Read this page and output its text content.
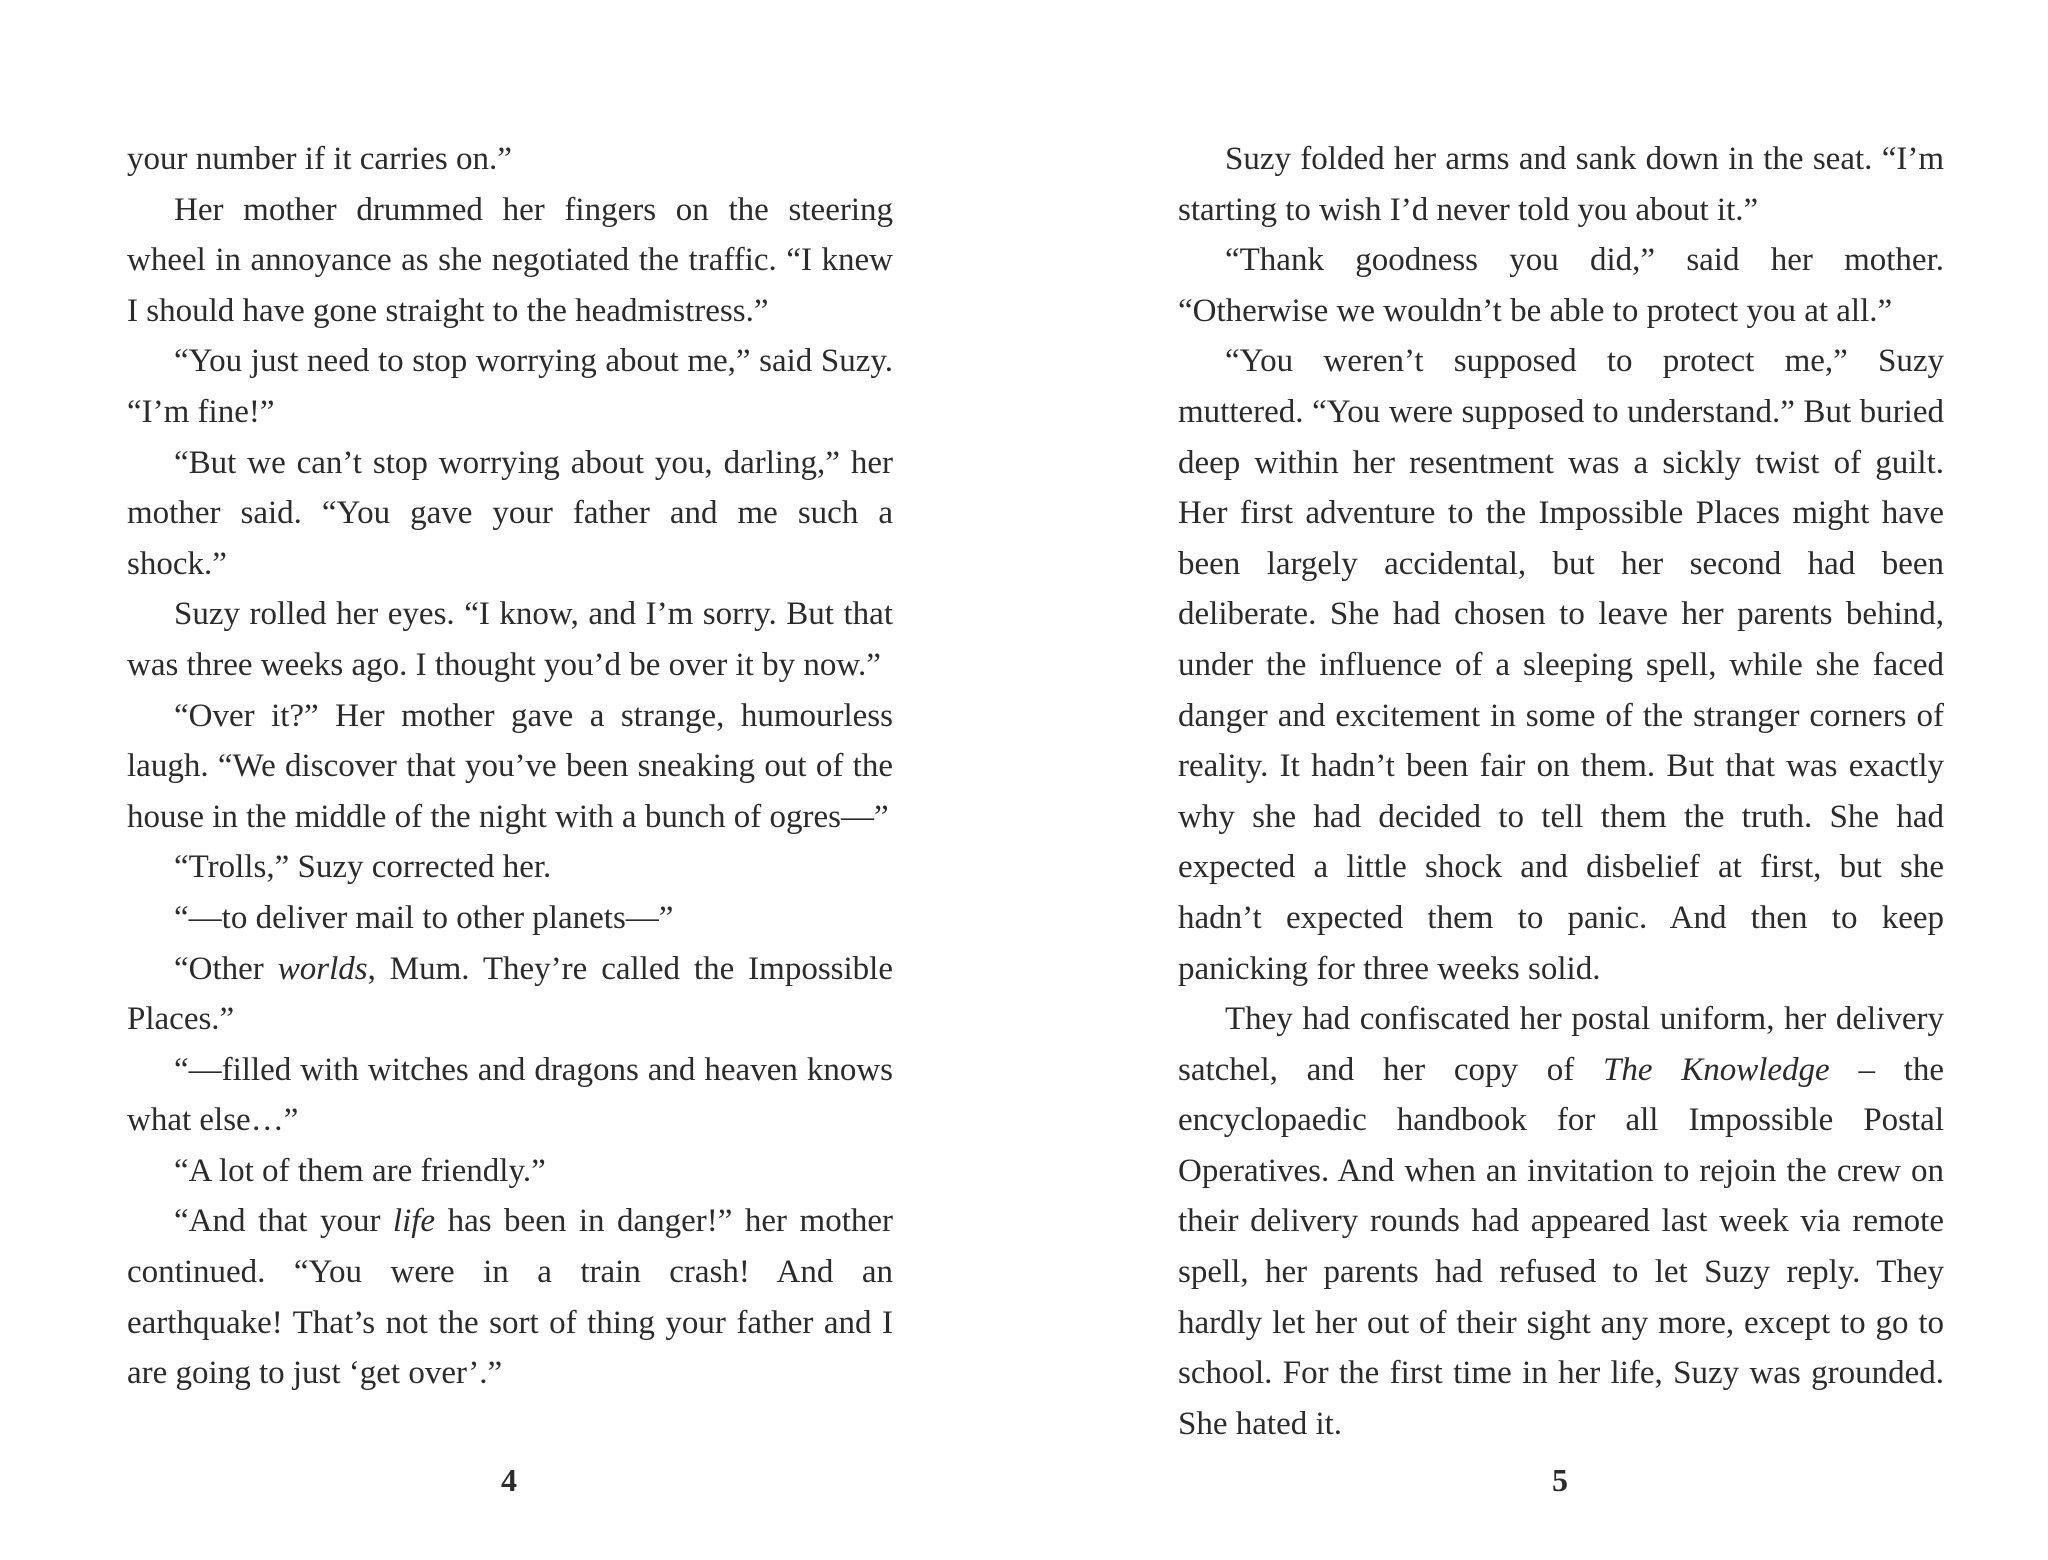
your number if it carries on.”

Her mother drummed her fingers on the steering wheel in annoyance as she negotiated the traffic. “I knew I should have gone straight to the headmistress.”

“You just need to stop worrying about me,” said Suzy. “I’m fine!”

“But we can’t stop worrying about you, darling,” her mother said. “You gave your father and me such a shock.”

Suzy rolled her eyes. “I know, and I’m sorry. But that was three weeks ago. I thought you’d be over it by now.”

“Over it?” Her mother gave a strange, humourless laugh. “We discover that you’ve been sneaking out of the house in the middle of the night with a bunch of ogres—”

“Trolls,” Suzy corrected her.

“—to deliver mail to other planets—”

“Other worlds, Mum. They’re called the Impossible Places.”

“—filled with witches and dragons and heaven knows what else…”

“A lot of them are friendly.”

“And that your life has been in danger!” her mother continued. “You were in a train crash! And an earthquake! That’s not the sort of thing your father and I are going to just ‘get over’.”

4

Suzy folded her arms and sank down in the seat. “I’m starting to wish I’d never told you about it.”

“Thank goodness you did,” said her mother. “Otherwise we wouldn’t be able to protect you at all.”

“You weren’t supposed to protect me,” Suzy muttered. “You were supposed to understand.” But buried deep within her resentment was a sickly twist of guilt. Her first adventure to the Impossible Places might have been largely accidental, but her second had been deliberate. She had chosen to leave her parents behind, under the influence of a sleeping spell, while she faced danger and excitement in some of the stranger corners of reality. It hadn’t been fair on them. But that was exactly why she had decided to tell them the truth. She had expected a little shock and disbelief at first, but she hadn’t expected them to panic. And then to keep panicking for three weeks solid.

They had confiscated her postal uniform, her delivery satchel, and her copy of The Knowledge – the encyclopaedic handbook for all Impossible Postal Operatives. And when an invitation to rejoin the crew on their delivery rounds had appeared last week via remote spell, her parents had refused to let Suzy reply. They hardly let her out of their sight any more, except to go to school. For the first time in her life, Suzy was grounded. She hated it.

5
